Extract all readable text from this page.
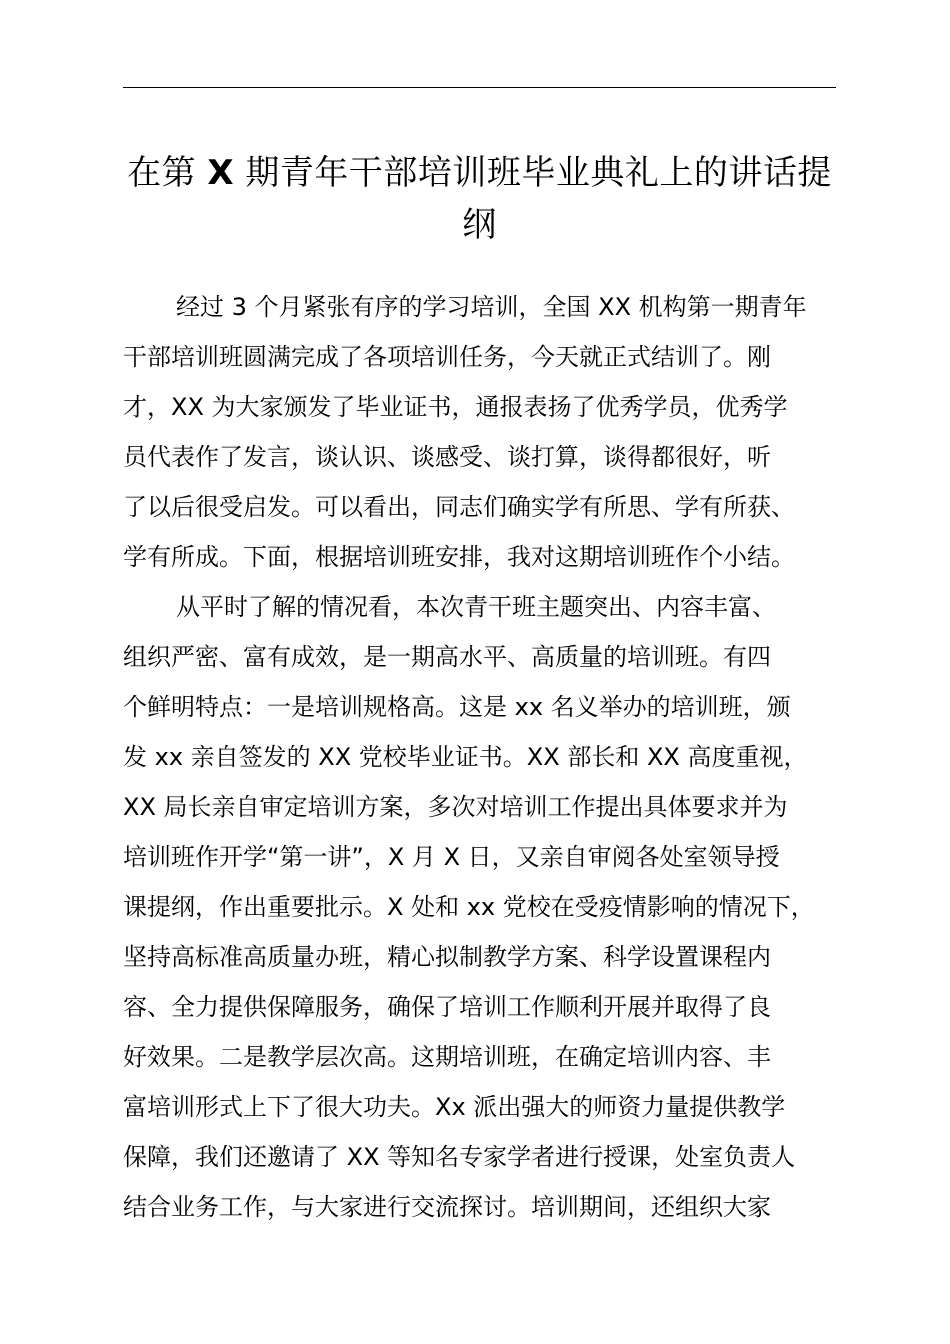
在第 X 期青年干部培训班毕业典礼上的讲话提纲

经过 3 个月紧张有序的学习培训，全国 XX 机构第一期青年
干部培训班圆满完成了各项培训任务，今天就正式结训了。刚
才，XX 为大家颁发了毕业证书，通报表扬了优秀学员，优秀学
员代表作了发言，谈认识、谈感受、谈打算，谈得都很好，听
了以后很受启发。可以看出，同志们确实学有所思、学有所获、
学有所成。下面，根据培训班安排，我对这期培训班作个小结。

从平时了解的情况看，本次青干班主题突出、内容丰富、
组织严密、富有成效，是一期高水平、高质量的培训班。有四
个鲜明特点：一是培训规格高。这是 xx 名义举办的培训班，颁
发 xx 亲自签发的 XX 党校毕业证书。XX 部长和 XX 高度重视，
XX 局长亲自审定培训方案，多次对培训工作提出具体要求并为
培训班作开学“第一讲”，X 月 X 日，又亲自审阅各处室领导授
课提纲，作出重要批示。X 处和 xx 党校在受疫情影响的情况下，
坚持高标准高质量办班，精心拟制教学方案、科学设置课程内
容、全力提供保障服务，确保了培训工作顺利开展并取得了良
好效果。二是教学层次高。这期培训班，在确定培训内容、丰
富培训形式上下了很大功夫。Xx 派出强大的师资力量提供教学
保障，我们还邀请了 XX 等知名专家学者进行授课，处室负责人
结合业务工作，与大家进行交流探讨。培训期间，还组织大家
